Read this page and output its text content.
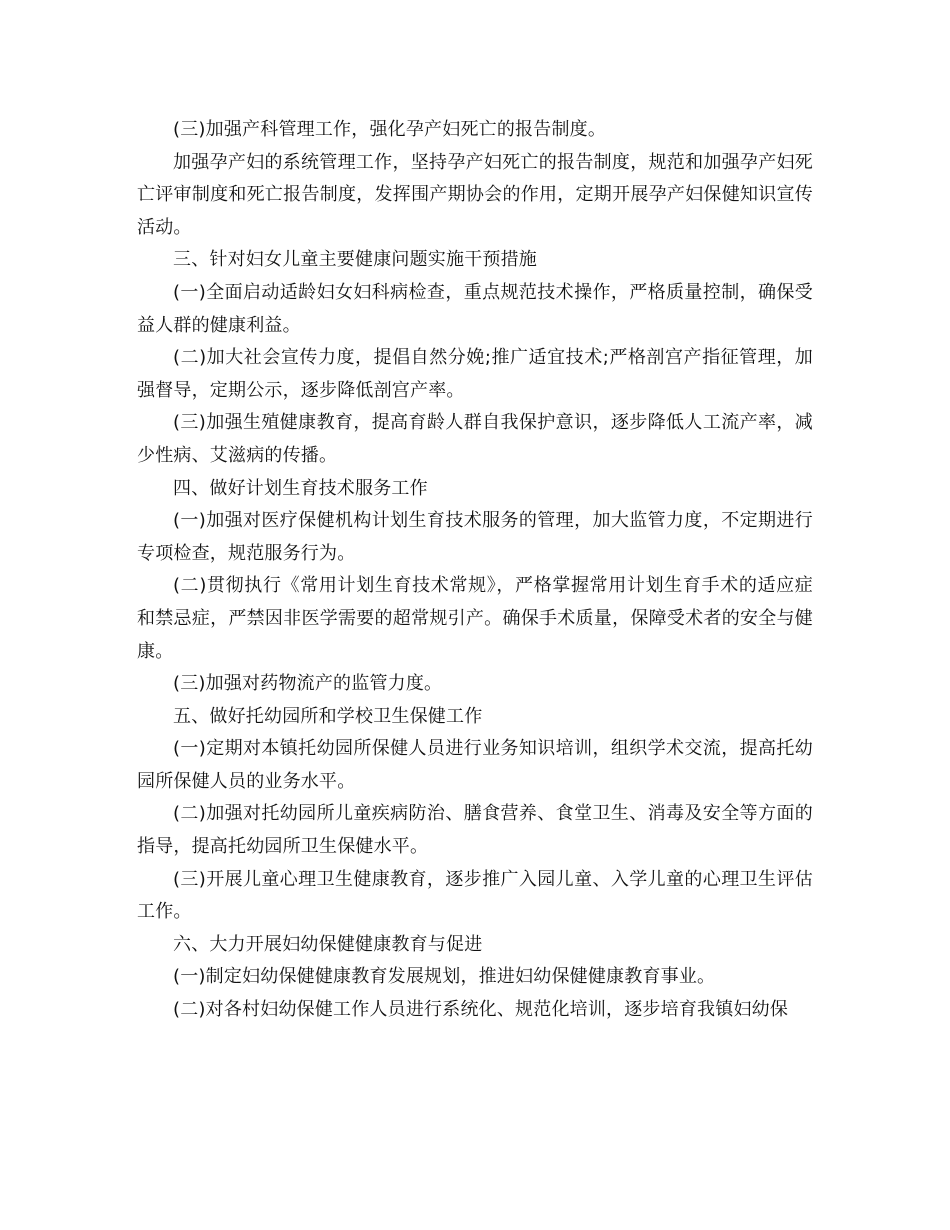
(三)加强产科管理工作，强化孕产妇死亡的报告制度。

加强孕产妇的系统管理工作，坚持孕产妇死亡的报告制度，规范和加强孕产妇死亡评审制度和死亡报告制度，发挥围产期协会的作用，定期开展孕产妇保健知识宣传活动。

三、针对妇女儿童主要健康问题实施干预措施

(一)全面启动适龄妇女妇科病检查，重点规范技术操作，严格质量控制，确保受益人群的健康利益。

(二)加大社会宣传力度，提倡自然分娩;推广适宜技术;严格剖宫产指征管理，加强督导，定期公示，逐步降低剖宫产率。

(三)加强生殖健康教育，提高育龄人群自我保护意识，逐步降低人工流产率，减少性病、艾滋病的传播。

四、做好计划生育技术服务工作

(一)加强对医疗保健机构计划生育技术服务的管理，加大监管力度，不定期进行专项检查，规范服务行为。

(二)贯彻执行《常用计划生育技术常规》，严格掌握常用计划生育手术的适应症和禁忌症，严禁因非医学需要的超常规引产。确保手术质量，保障受术者的安全与健康。

(三)加强对药物流产的监管力度。

五、做好托幼园所和学校卫生保健工作

(一)定期对本镇托幼园所保健人员进行业务知识培训，组织学术交流，提高托幼园所保健人员的业务水平。

(二)加强对托幼园所儿童疾病防治、膳食营养、食堂卫生、消毒及安全等方面的指导，提高托幼园所卫生保健水平。

(三)开展儿童心理卫生健康教育，逐步推广入园儿童、入学儿童的心理卫生评估工作。

六、大力开展妇幼保健健康教育与促进

(一)制定妇幼保健健康教育发展规划，推进妇幼保健健康教育事业。

(二)对各村妇幼保健工作人员进行系统化、规范化培训，逐步培育我镇妇幼保
